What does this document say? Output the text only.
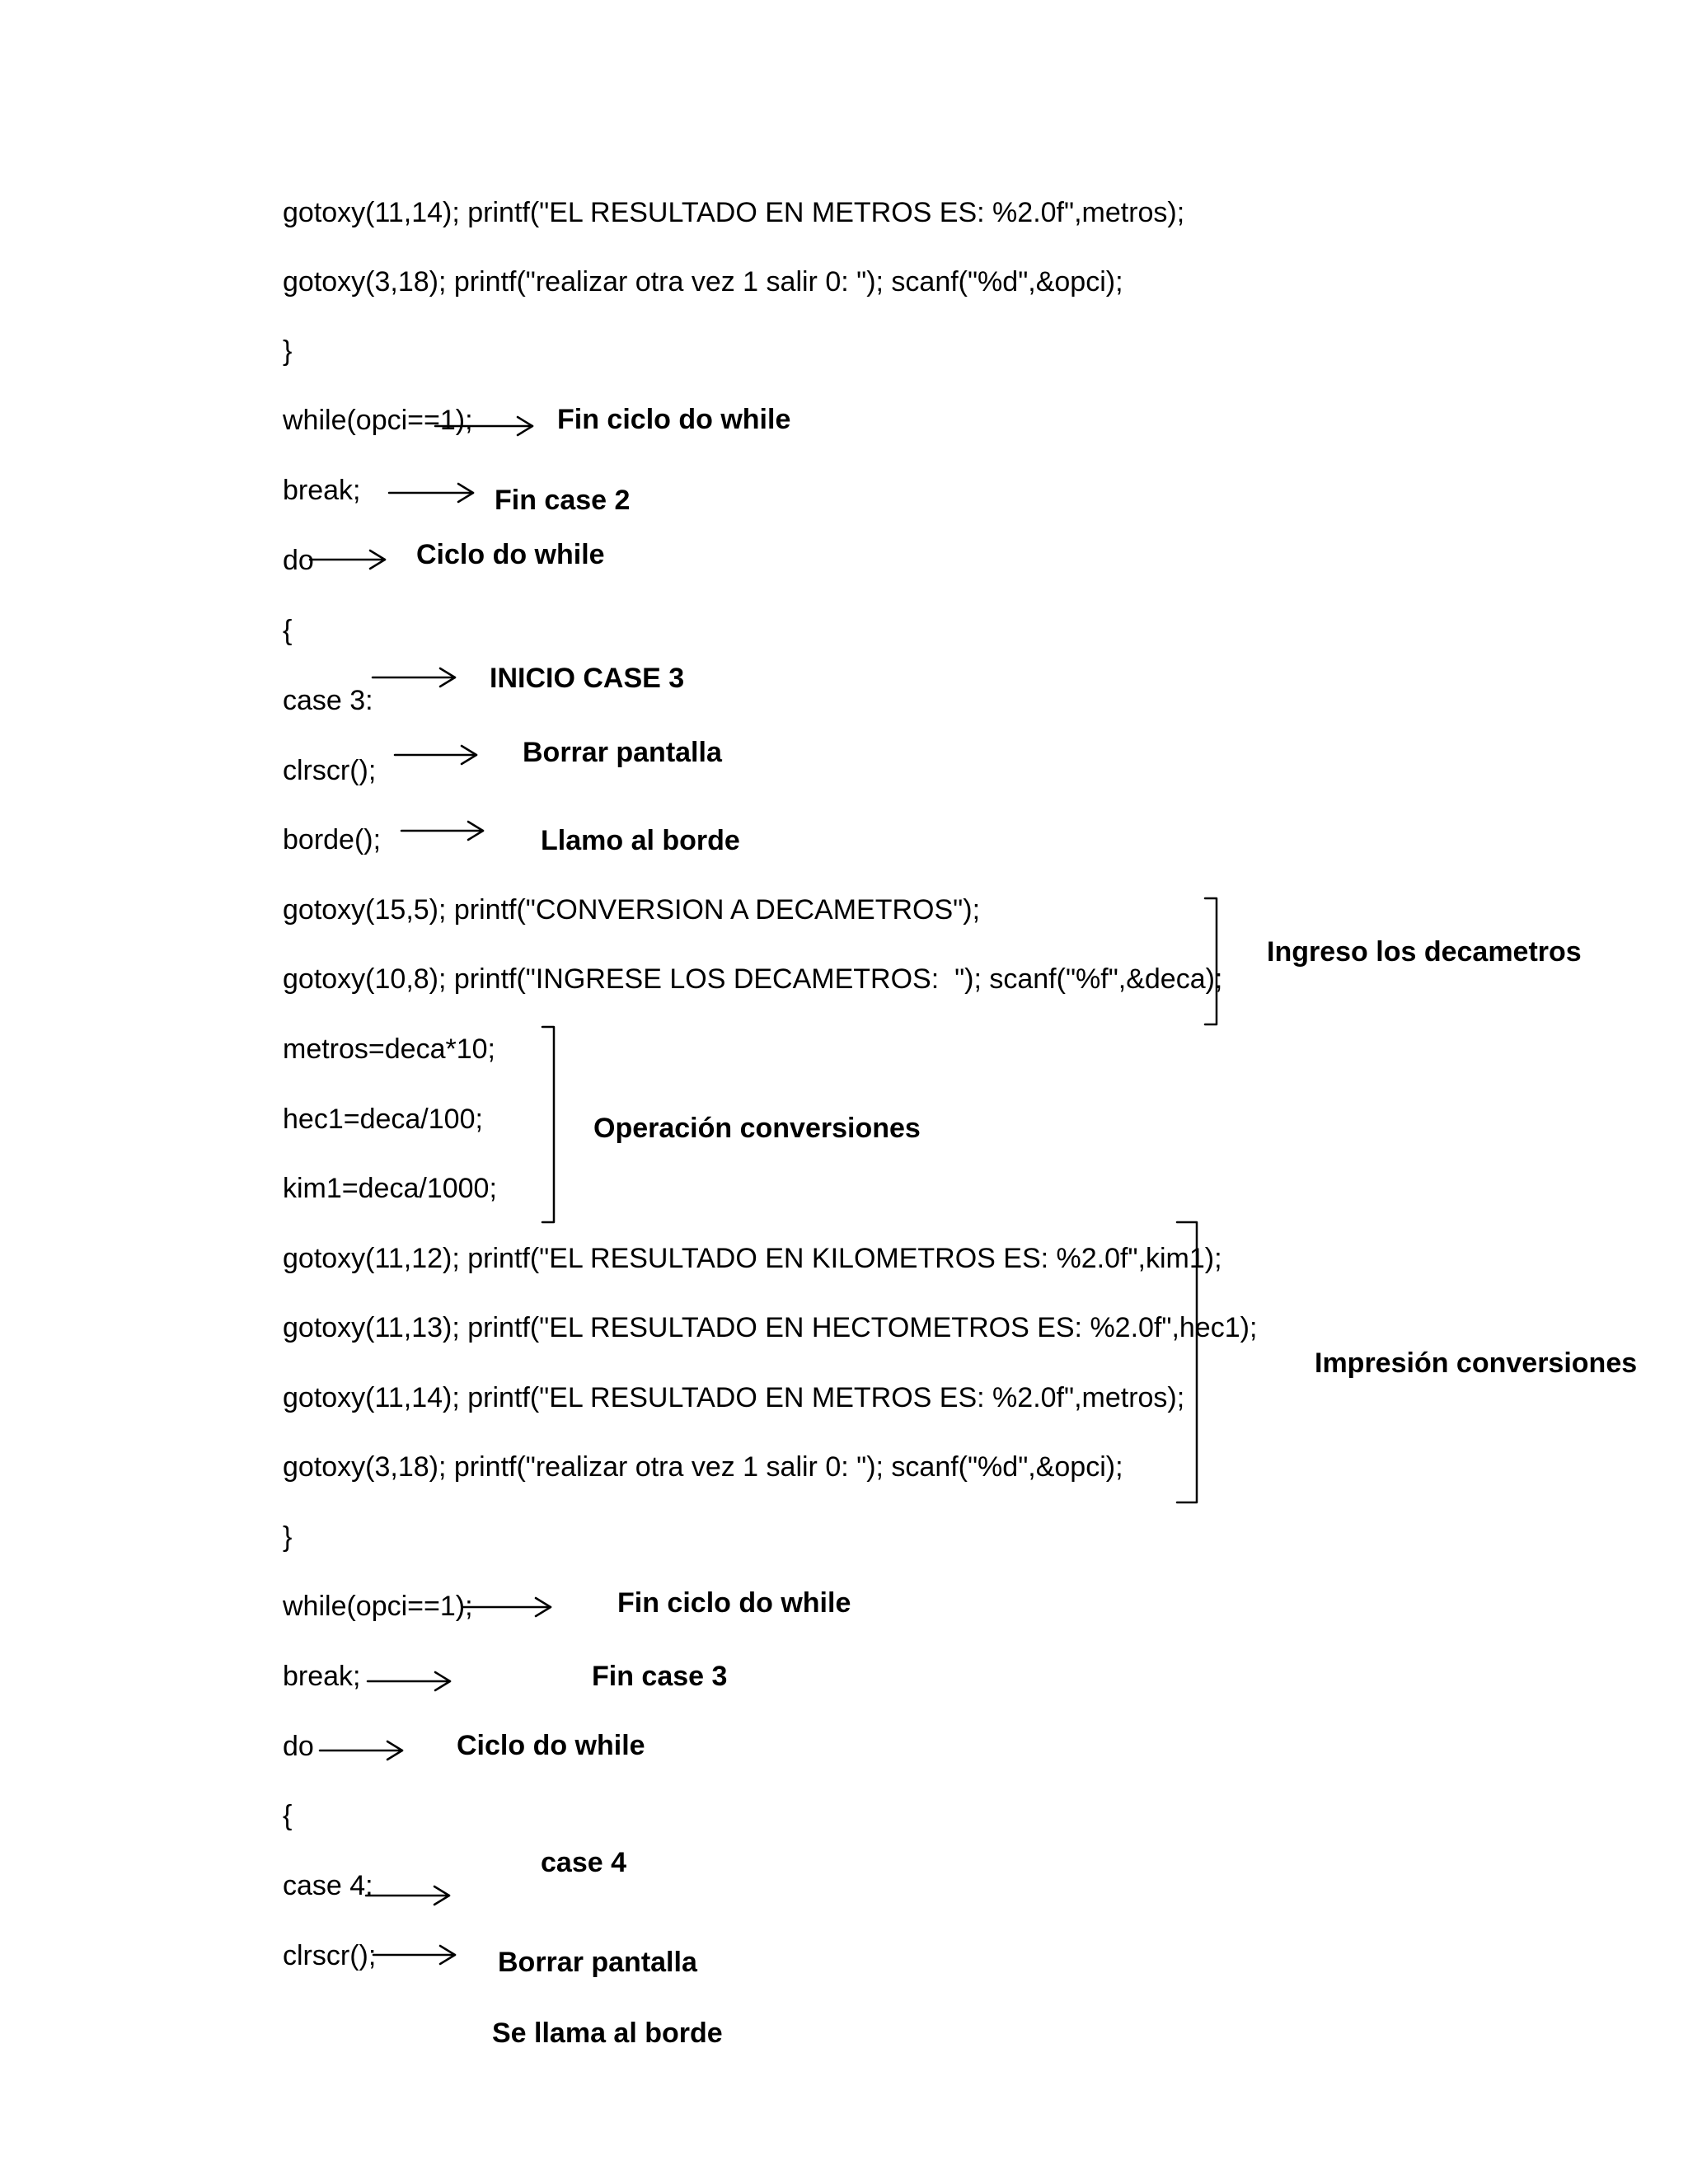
gotoxy(11,14); printf("EL RESULTADO EN METROS ES: %2.0f",metros);
gotoxy(3,18); printf("realizar otra vez 1 salir 0: "); scanf("%d",&opci);
}
while(opci==1);
break;
do
{
case 3:
clrscr();
borde();
gotoxy(15,5); printf("CONVERSION A DECAMETROS");
gotoxy(10,8); printf("INGRESE LOS DECAMETROS:  "); scanf("%f",&deca);
metros=deca*10;
hec1=deca/100;
kim1=deca/1000;
gotoxy(11,12); printf("EL RESULTADO EN KILOMETROS ES: %2.0f",kim1);
gotoxy(11,13); printf("EL RESULTADO EN HECTOMETROS ES: %2.0f",hec1);
gotoxy(11,14); printf("EL RESULTADO EN METROS ES: %2.0f",metros);
gotoxy(3,18); printf("realizar otra vez 1 salir 0: "); scanf("%d",&opci);
}
while(opci==1);
break;
do
{
case 4:
clrscr();
Fin ciclo do while
Fin case 2
Ciclo do while
INICIO CASE 3
Borrar pantalla
Llamo al borde
Ingreso los decametros
Operación conversiones
Impresión conversiones
Fin ciclo do while
Fin case 3
Ciclo do while
case 4
Borrar pantalla
Se llama al borde
